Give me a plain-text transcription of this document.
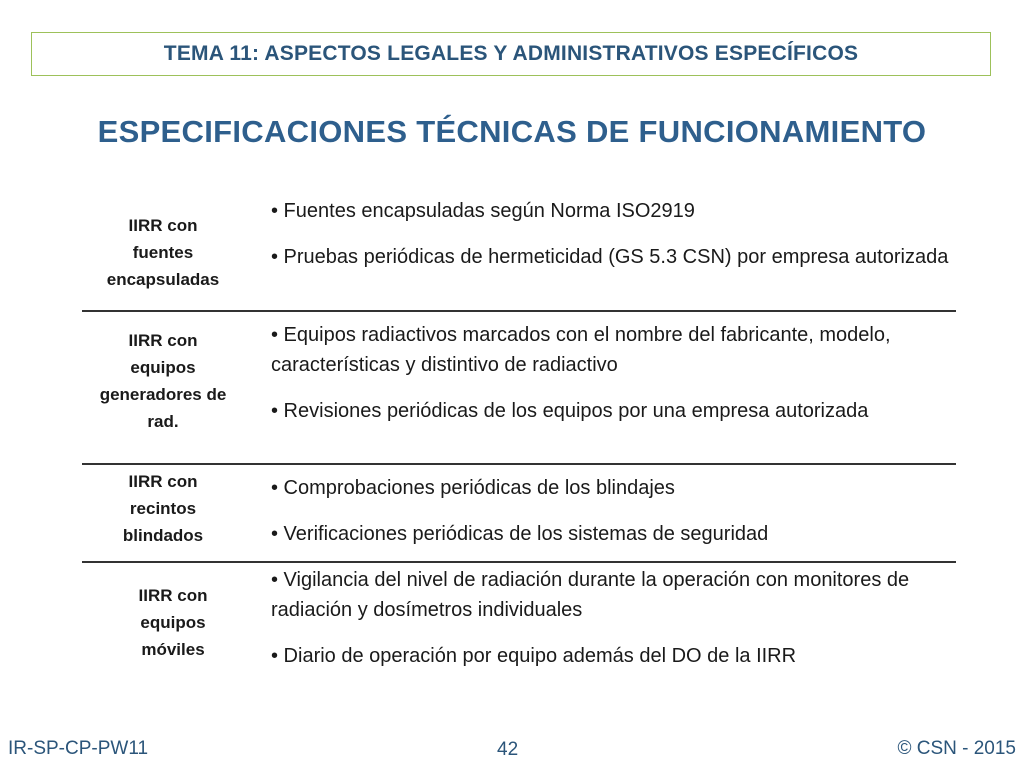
TEMA 11: ASPECTOS LEGALES Y ADMINISTRATIVOS ESPECÍFICOS
ESPECIFICACIONES TÉCNICAS DE FUNCIONAMIENTO
IIRR con
fuentes
encapsuladas
• Fuentes encapsuladas según Norma ISO2919
• Pruebas periódicas de hermeticidad (GS 5.3 CSN) por empresa autorizada
IIRR con
equipos
generadores de
rad.
• Equipos radiactivos marcados con el nombre del fabricante, modelo, características y distintivo de radiactivo
• Revisiones periódicas de los equipos por una empresa autorizada
IIRR con
recintos
blindados
• Comprobaciones periódicas de los blindajes
• Verificaciones periódicas de los sistemas de seguridad
IIRR con
equipos
móviles
• Vigilancia del nivel de radiación durante la operación con monitores de radiación y dosímetros individuales
• Diario de operación por equipo además del DO de la IIRR
IR-SP-CP-PW11	42	© CSN - 2015
